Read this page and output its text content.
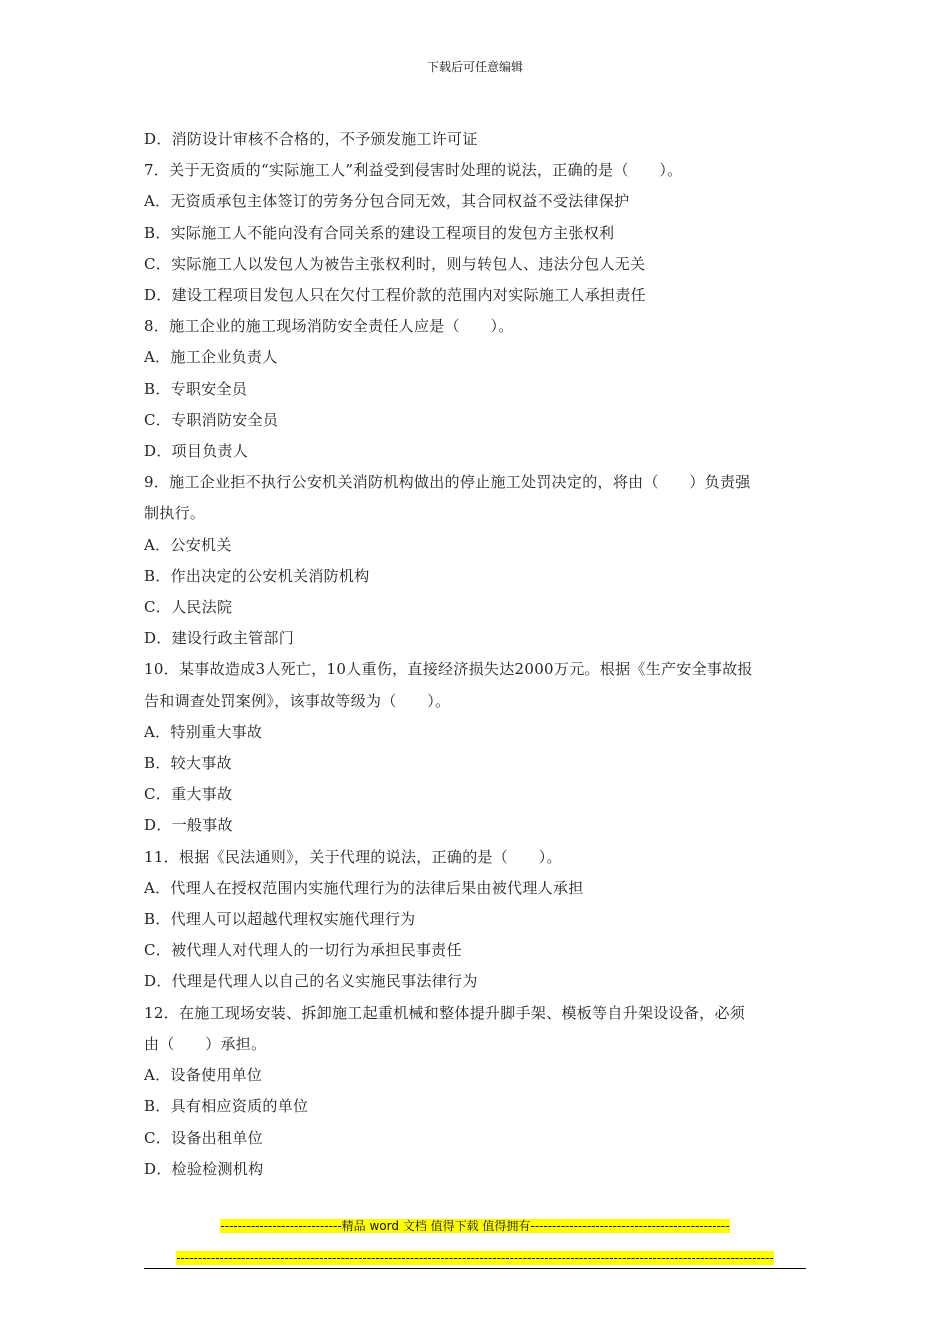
下载后可任意编辑

D．消防设计审核不合格的，不予颁发施工许可证

7．关于无资质的“实际施工人”利益受到侵害时处理的说法，正确的是（　　）。

A．无资质承包主体签订的劳务分包合同无效，其合同权益不受法律保护

B．实际施工人不能向没有合同关系的建设工程项目的发包方主张权利

C．实际施工人以发包人为被告主张权利时，则与转包人、违法分包人无关

D．建设工程项目发包人只在欠付工程价款的范围内对实际施工人承担责任

8．施工企业的施工现场消防安全责任人应是（　　）。

A．施工企业负责人

B．专职安全员

C．专职消防安全员

D．项目负责人

9．施工企业拒不执行公安机关消防机构做出的停止施工处罚决定的，将由（　　）负责强

制执行。

A．公安机关

B．作出决定的公安机关消防机构

C．人民法院

D．建设行政主管部门

10．某事故造成3人死亡，10人重伤，直接经济损失达2000万元。根据《生产安全事故报

告和调查处罚案例》，该事故等级为（　　）。

A．特别重大事故

B．较大事故

C．重大事故

D．一般事故

11．根据《民法通则》，关于代理的说法，正确的是（　　）。

A．代理人在授权范围内实施代理行为的法律后果由被代理人承担

B．代理人可以超越代理权实施代理行为

C．被代理人对代理人的一切行为承担民事责任

D．代理是代理人以自己的名义实施民事法律行为

12．在施工现场安装、拆卸施工起重机械和整体提升脚手架、模板等自升架设设备，必须

由（　　）承担。

A．设备使用单位

B．具有相应资质的单位

C．设备出租单位

D．检验检测机构

----------------------------精品 word 文档 值得下载 值得拥有----------------------------------------------
------------------------------------------------------------------------------------------------------------------------------------------
